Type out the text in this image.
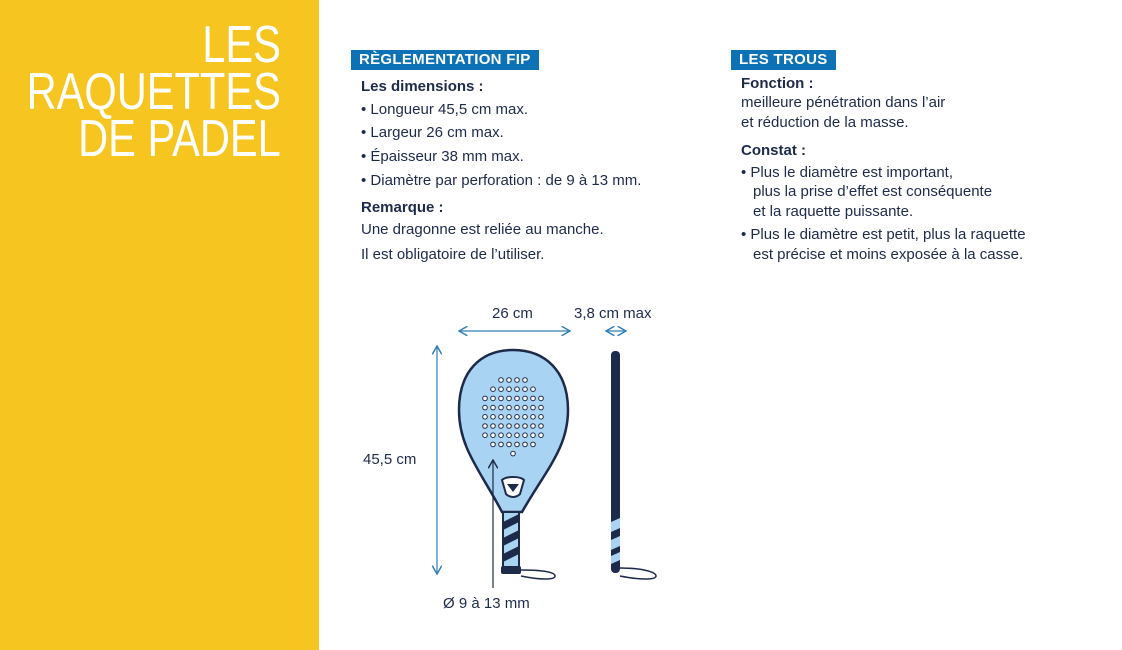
LES
RAQUETTES
DE PADEL
RÈGLEMENTATION FIP
Les dimensions :
• Longueur 45,5 cm max.
• Largeur 26 cm max.
• Épaisseur 38 mm max.
• Diamètre par perforation : de 9 à 13 mm.
Remarque :
Une dragonne est reliée au manche.
Il est obligatoire de l’utiliser.
LES TROUS
Fonction :
meilleure pénétration dans l’air
et réduction de la masse.
Constat :
• Plus le diamètre est important,
plus la prise d’effet est conséquente
et la raquette puissante.
• Plus le diamètre est petit, plus la raquette
est précise et moins exposée à la casse.
26 cm	3,8 cm max
45,5 cm
Ø 9 à 13 mm
